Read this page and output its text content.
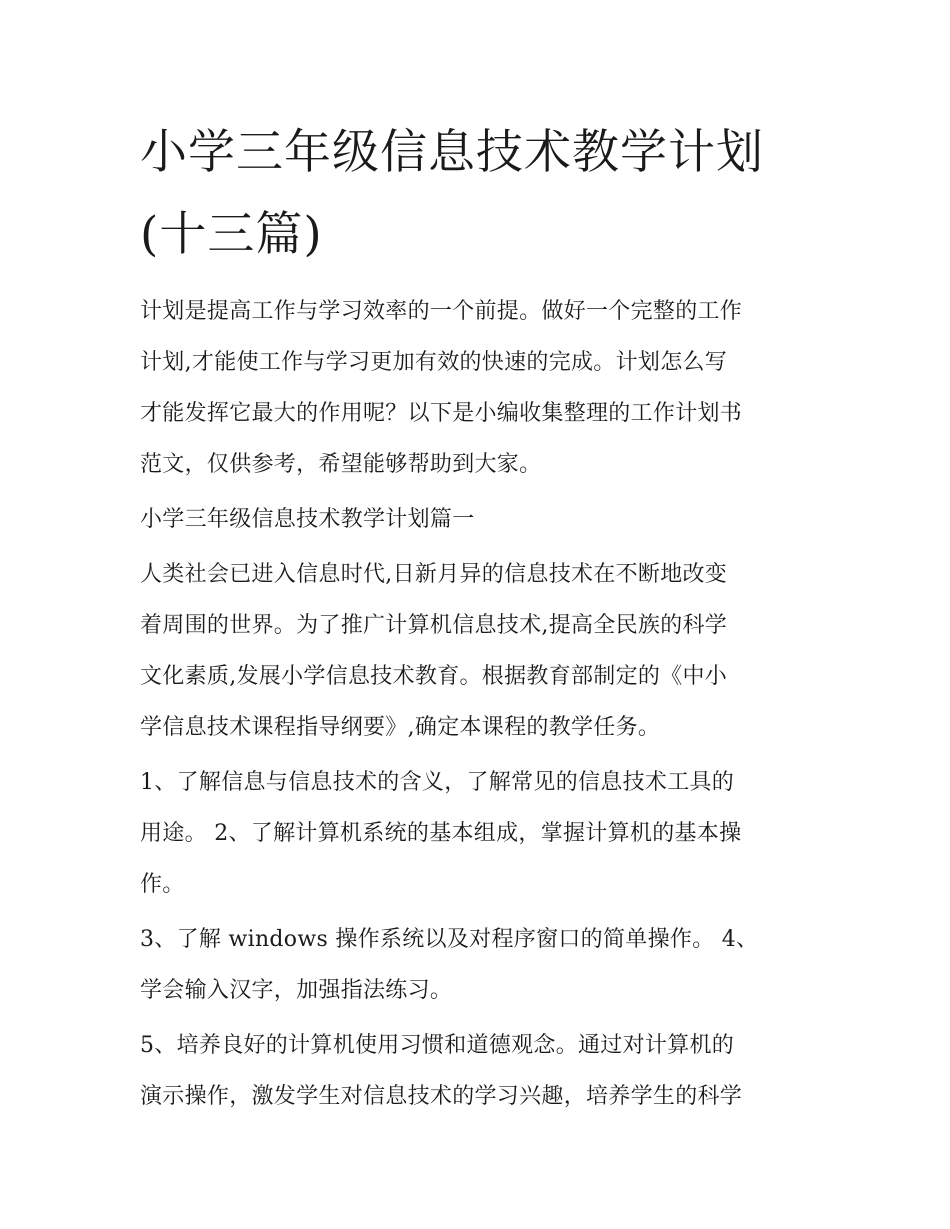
小学三年级信息技术教学计划
(十三篇)
计划是提高工作与学习效率的一个前提。做好一个完整的工作
计划,才能使工作与学习更加有效的快速的完成。计划怎么写
才能发挥它最大的作用呢？以下是小编收集整理的工作计划书
范文，仅供参考，希望能够帮助到大家。
小学三年级信息技术教学计划篇一
人类社会已进入信息时代,日新月异的信息技术在不断地改变
着周围的世界。为了推广计算机信息技术,提高全民族的科学
文化素质,发展小学信息技术教育。根据教育部制定的《中小
学信息技术课程指导纲要》,确定本课程的教学任务。
1、了解信息与信息技术的含义，了解常见的信息技术工具的
用途。 2、了解计算机系统的基本组成，掌握计算机的基本操
作。
3、了解 windows 操作系统以及对程序窗口的简单操作。 4、
学会输入汉字，加强指法练习。
5、培养良好的计算机使用习惯和道德观念。通过对计算机的
演示操作，激发学生对信息技术的学习兴趣，培养学生的科学
